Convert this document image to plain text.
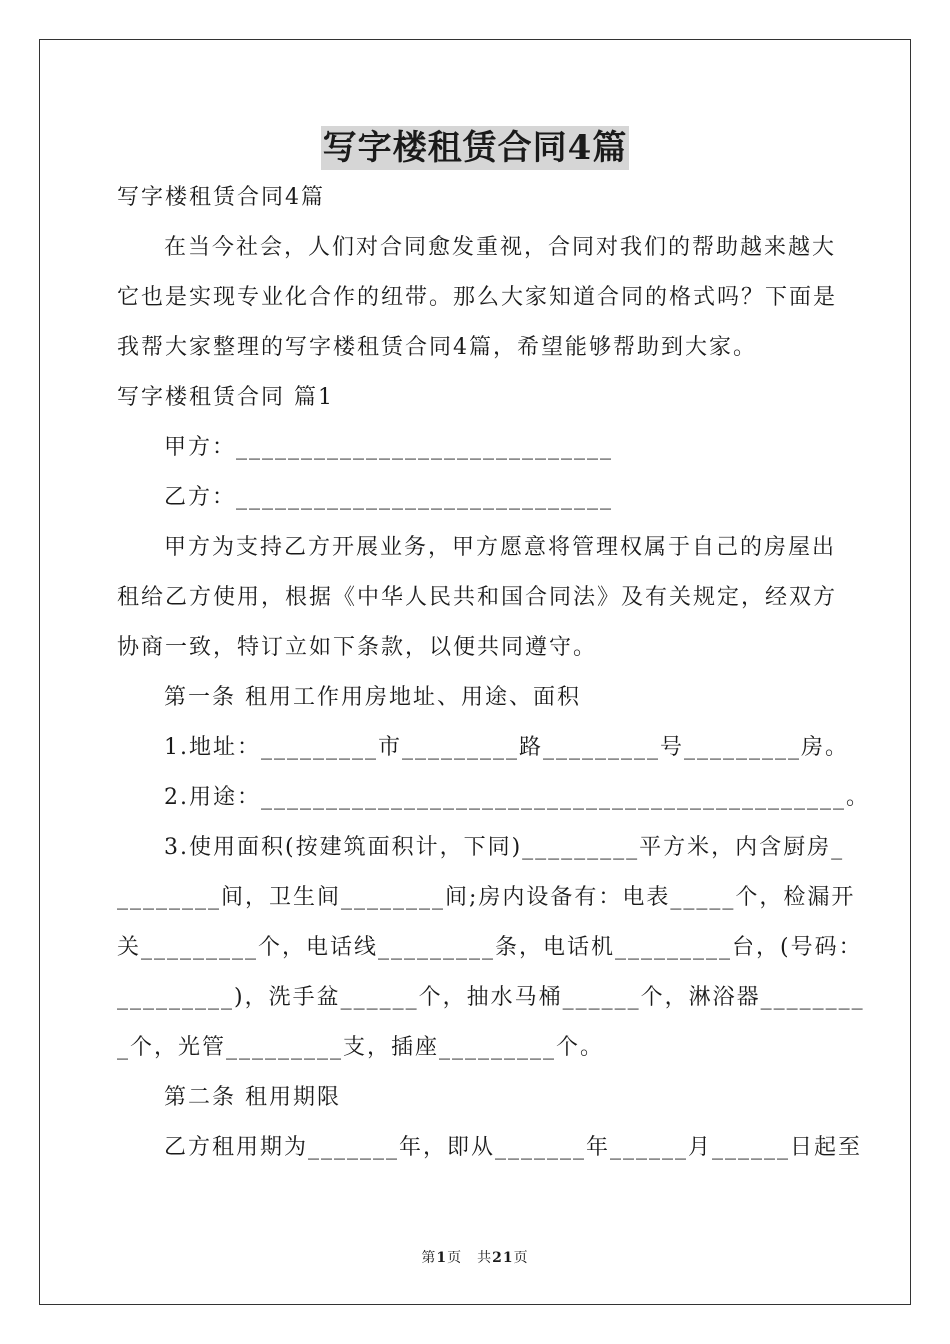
写字楼租赁合同4篇
写字楼租赁合同4篇
在当今社会，人们对合同愈发重视，合同对我们的帮助越来越大
它也是实现专业化合作的纽带。那么大家知道合同的格式吗？下面是
我帮大家整理的写字楼租赁合同4篇，希望能够帮助到大家。
写字楼租赁合同 篇1
甲方：_____________________________
乙方：_____________________________
甲方为支持乙方开展业务，甲方愿意将管理权属于自己的房屋出
租给乙方使用，根据《中华人民共和国合同法》及有关规定，经双方
协商一致，特订立如下条款，以便共同遵守。
第一条 租用工作用房地址、用途、面积
1.地址：_________市_________路_________号_________房。
2.用途：_____________________________________________。
3.使用面积(按建筑面积计，下同)_________平方米，内含厨房_
________间，卫生间________间;房内设备有：电表_____个，检漏开
关_________个，电话线_________条，电话机_________台，(号码：
_________)，洗手盆______个，抽水马桶______个，淋浴器________
_个，光管_________支，插座_________个。
第二条 租用期限
乙方租用期为_______年，即从_______年______月______日起至
第1页　共21页
